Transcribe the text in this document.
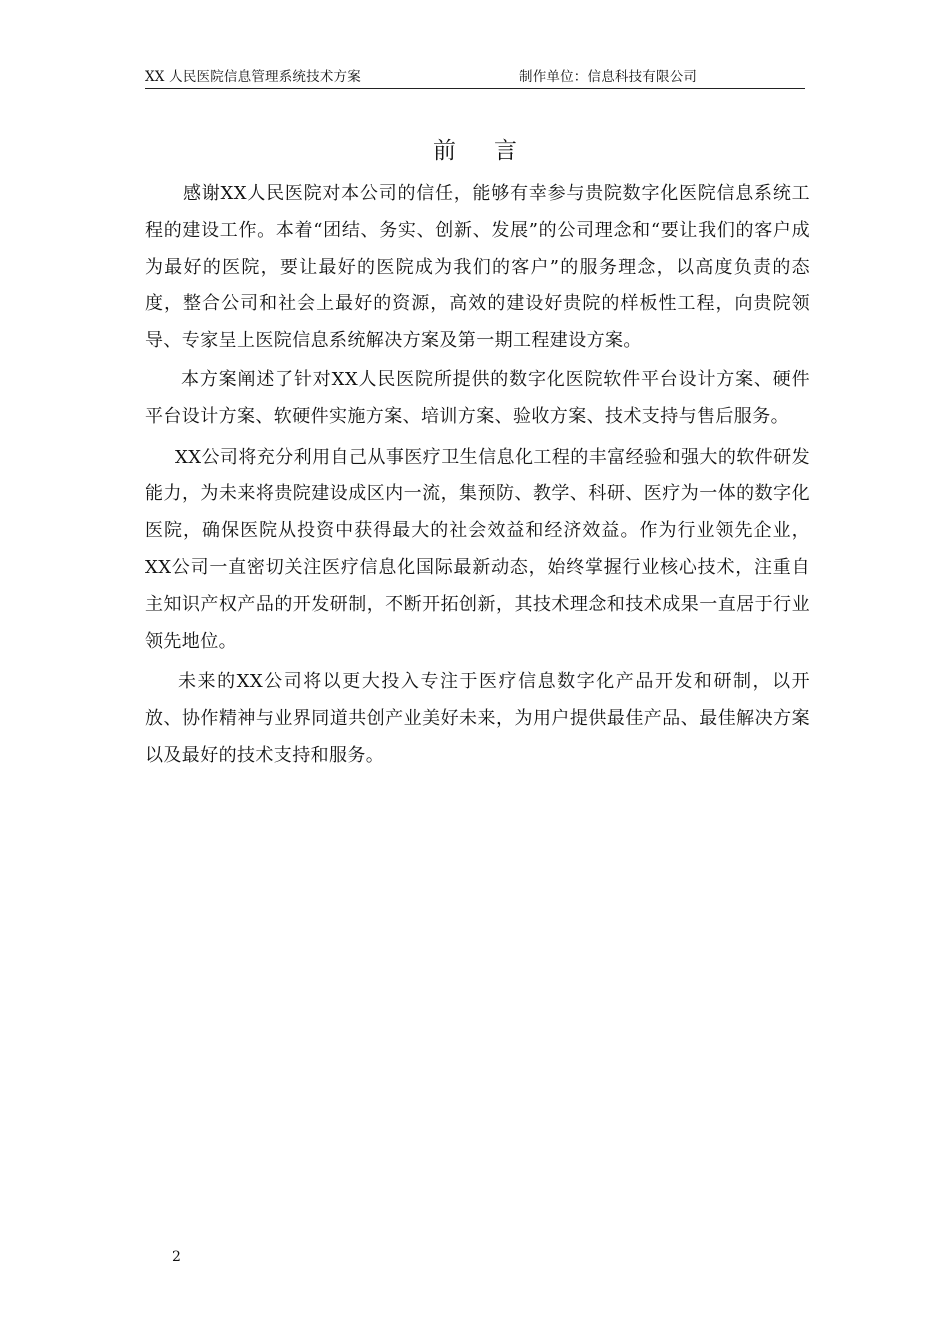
XX 人民医院信息管理系统技术方案	制作单位：信息科技有限公司
前 言

感谢XX人民医院对本公司的信任，能够有幸参与贵院数字化医院信息系统工程的建设工作。本着“团结、务实、创新、发展”的公司理念和“要让我们的客户成为最好的医院，要让最好的医院成为我们的客户”的服务理念，以高度负责的态度，整合公司和社会上最好的资源，高效的建设好贵院的样板性工程，向贵院领导、专家呈上医院信息系统解决方案及第一期工程建设方案。

本方案阐述了针对XX人民医院所提供的数字化医院软件平台设计方案、硬件平台设计方案、软硬件实施方案、培训方案、验收方案、技术支持与售后服务。

XX公司将充分利用自己从事医疗卫生信息化工程的丰富经验和强大的软件研发能力，为未来将贵院建设成区内一流，集预防、教学、科研、医疗为一体的数字化医院，确保医院从投资中获得最大的社会效益和经济效益。作为行业领先企业，XX公司一直密切关注医疗信息化国际最新动态，始终掌握行业核心技术，注重自主知识产权产品的开发研制，不断开拓创新，其技术理念和技术成果一直居于行业领先地位。

未来的XX公司将以更大投入专注于医疗信息数字化产品开发和研制，以开放、协作精神与业界同道共创产业美好未来，为用户提供最佳产品、最佳解决方案以及最好的技术支持和服务。

2
